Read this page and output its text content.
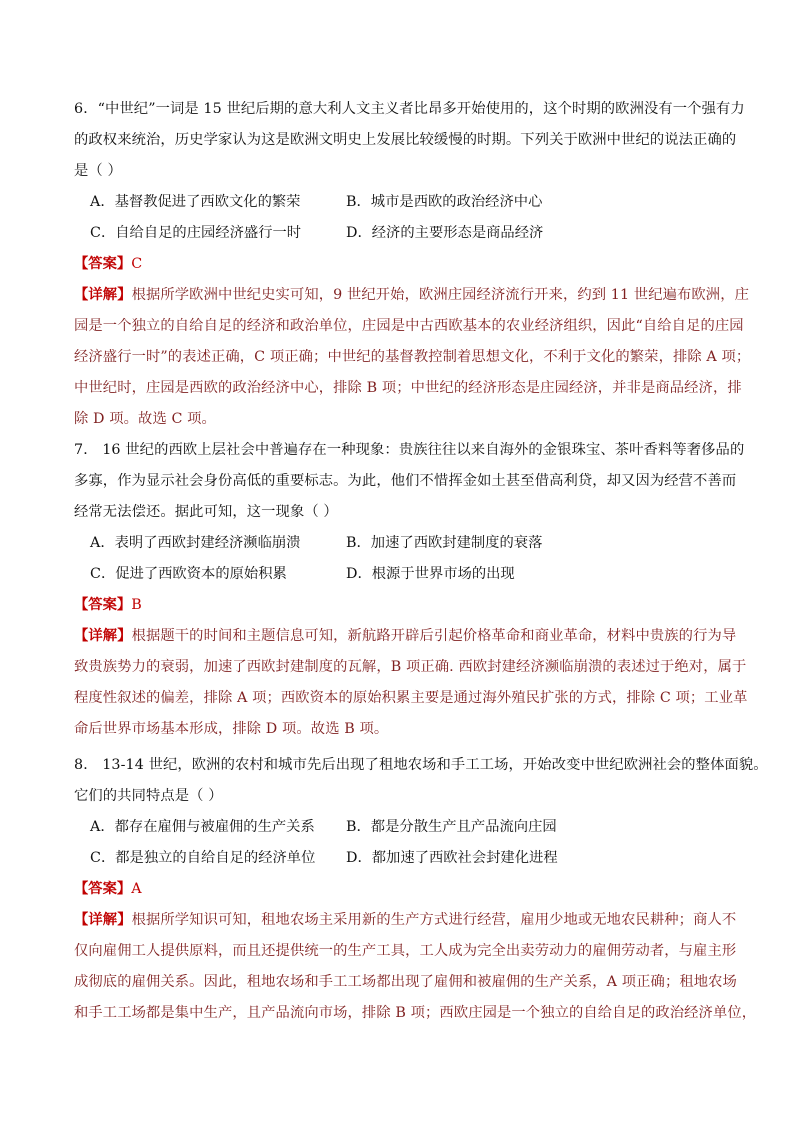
6．“中世纪”一词是 15 世纪后期的意大利人文主义者比昂多开始使用的，这个时期的欧洲没有一个强有力
的政权来统治，历史学家认为这是欧洲文明史上发展比较缓慢的时期。下列关于欧洲中世纪的说法正确的
是（ ）
A．基督教促进了西欧文化的繁荣	B．城市是西欧的政治经济中心
C．自给自足的庄园经济盛行一时	D．经济的主要形态是商品经济
【答案】C
【详解】根据所学欧洲中世纪史实可知，9 世纪开始，欧洲庄园经济流行开来，约到 11 世纪遍布欧洲，庄
园是一个独立的自给自足的经济和政治单位，庄园是中古西欧基本的农业经济组织，因此“自给自足的庄园
经济盛行一时”的表述正确，C 项正确；中世纪的基督教控制着思想文化，不利于文化的繁荣，排除 A 项；
中世纪时，庄园是西欧的政治经济中心，排除 B 项；中世纪的经济形态是庄园经济，并非是商品经济，排
除 D 项。故选 C 项。
7． 16 世纪的西欧上层社会中普遍存在一种现象：贵族往往以来自海外的金银珠宝、茶叶香料等奢侈品的
多寡，作为显示社会身份高低的重要标志。为此，他们不惜挥金如土甚至借高利贷，却又因为经营不善而
经常无法偿还。据此可知，这一现象（ ）
A．表明了西欧封建经济濒临崩溃	B．加速了西欧封建制度的衰落
C．促进了西欧资本的原始积累	D．根源于世界市场的出现
【答案】B
【详解】根据题干的时间和主题信息可知，新航路开辟后引起价格革命和商业革命，材料中贵族的行为导
致贵族势力的衰弱，加速了西欧封建制度的瓦解，B 项正确. 西欧封建经济濒临崩溃的表述过于绝对，属于
程度性叙述的偏差，排除 A 项；西欧资本的原始积累主要是通过海外殖民扩张的方式，排除 C 项；工业革
命后世界市场基本形成，排除 D 项。故选 B 项。
8． 13-14 世纪，欧洲的农村和城市先后出现了租地农场和手工工场，开始改变中世纪欧洲社会的整体面貌。
它们的共同特点是（ ）
A．都存在雇佣与被雇佣的生产关系 B．都是分散生产且产品流向庄园
C．都是独立的自给自足的经济单位 D．都加速了西欧社会封建化进程
【答案】A
【详解】根据所学知识可知，租地农场主采用新的生产方式进行经营，雇用少地或无地农民耕种；商人不
仅向雇佣工人提供原料，而且还提供统一的生产工具，工人成为完全出卖劳动力的雇佣劳动者，与雇主形
成彻底的雇佣关系。因此，租地农场和手工工场都出现了雇佣和被雇佣的生产关系，A 项正确；租地农场
和手工工场都是集中生产，且产品流向市场，排除 B 项；西欧庄园是一个独立的自给自足的政治经济单位，
